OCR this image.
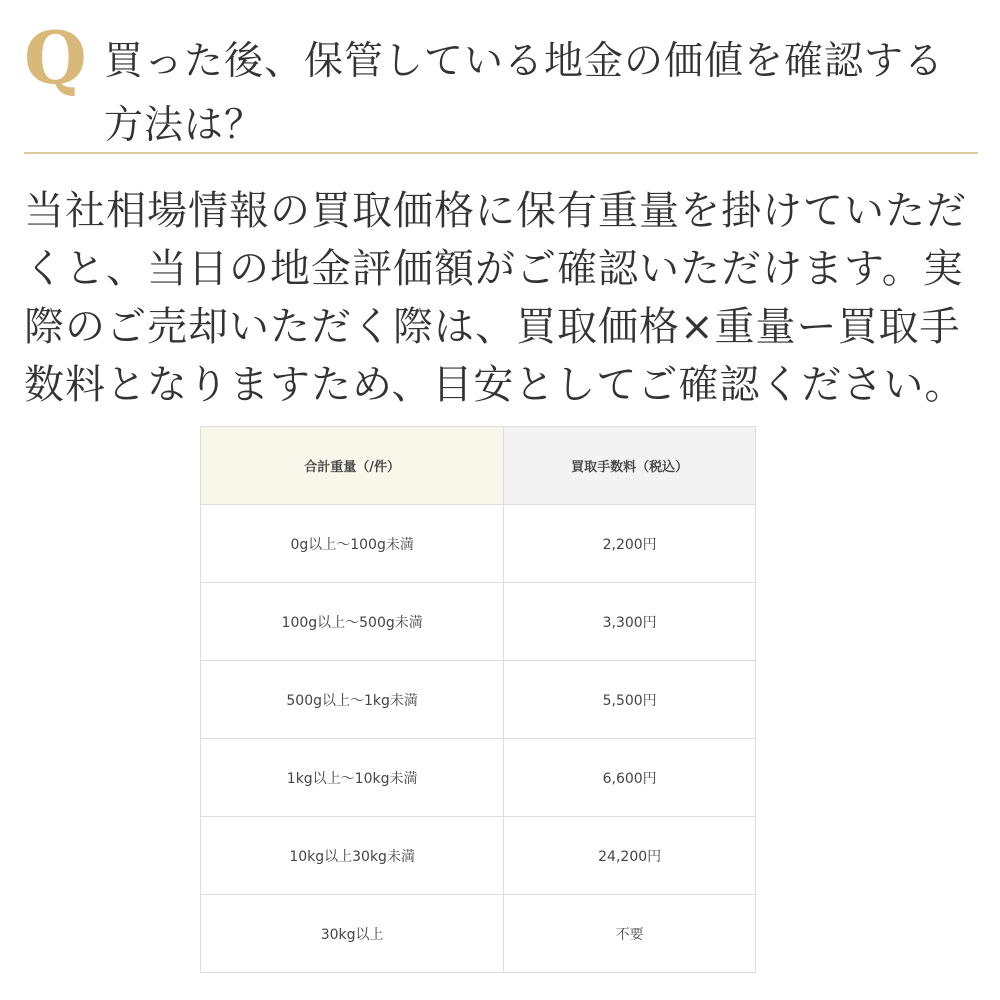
Q 買った後、保管している地金の価値を確認する方法は？
当社相場情報の買取価格に保有重量を掛けていただくと、当日の地金評価額がご確認いただけます。実際のご売却いただく際は、買取価格×重量ー買取手数料となりますため、目安としてご確認ください。
合計重量（/件）	買取手数料（税込）
0g以上〜100g未満	2,200円
100g以上〜500g未満	3,300円
500g以上〜1kg未満	5,500円
1kg以上〜10kg未満	6,600円
10kg以上30kg未満	24,200円
30kg以上	不要
